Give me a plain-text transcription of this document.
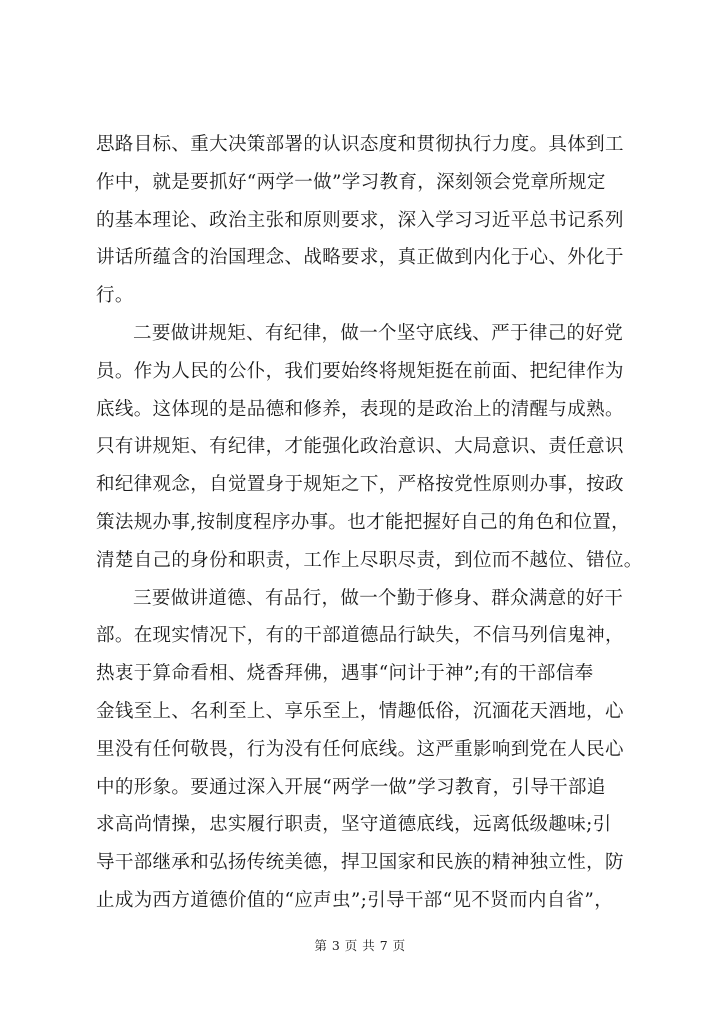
思路目标、重大决策部署的认识态度和贯彻执行力度。具体到工
作中，就是要抓好“两学一做”学习教育，深刻领会党章所规定
的基本理论、政治主张和原则要求，深入学习习近平总书记系列
讲话所蕴含的治国理念、战略要求，真正做到内化于心、外化于
行。
二要做讲规矩、有纪律，做一个坚守底线、严于律己的好党
员。作为人民的公仆，我们要始终将规矩挺在前面、把纪律作为
底线。这体现的是品德和修养，表现的是政治上的清醒与成熟。
只有讲规矩、有纪律，才能强化政治意识、大局意识、责任意识
和纪律观念，自觉置身于规矩之下，严格按党性原则办事，按政
策法规办事,按制度程序办事。也才能把握好自己的角色和位置，
清楚自己的身份和职责，工作上尽职尽责，到位而不越位、错位。
三要做讲道德、有品行，做一个勤于修身、群众满意的好干
部。在现实情况下，有的干部道德品行缺失，不信马列信鬼神，
热衷于算命看相、烧香拜佛，遇事“问计于神”;有的干部信奉
金钱至上、名利至上、享乐至上，情趣低俗，沉湎花天酒地，心
里没有任何敬畏，行为没有任何底线。这严重影响到党在人民心
中的形象。要通过深入开展“两学一做”学习教育，引导干部追
求高尚情操，忠实履行职责，坚守道德底线，远离低级趣味;引
导干部继承和弘扬传统美德，捍卫国家和民族的精神独立性，防
止成为西方道德价值的“应声虫”;引导干部“见不贤而内自省”，
第 3 页 共 7 页
